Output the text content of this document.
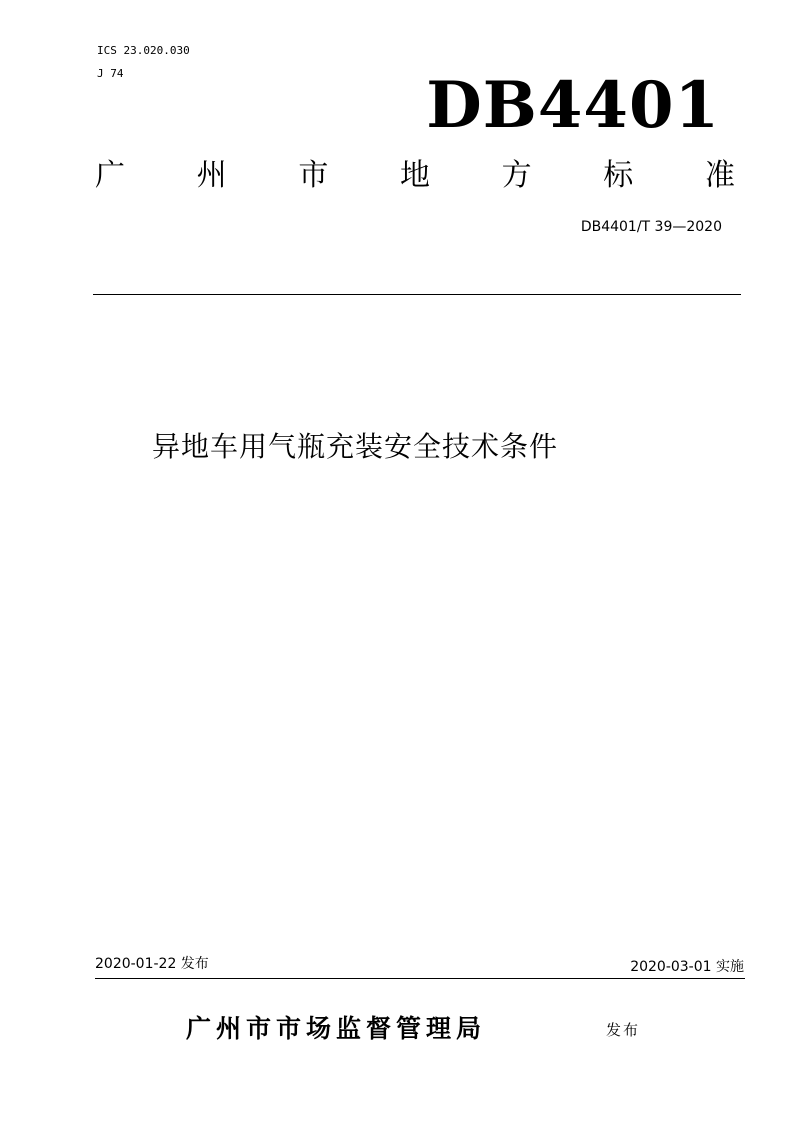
ICS 23.020.030
J 74	DB4401
广 州 市 地 方 标 准
DB4401/T 39—2020
异地车用气瓶充装安全技术条件
2020-01-22 发布	2020-03-01 实施
广州市市场监督管理局	发布
